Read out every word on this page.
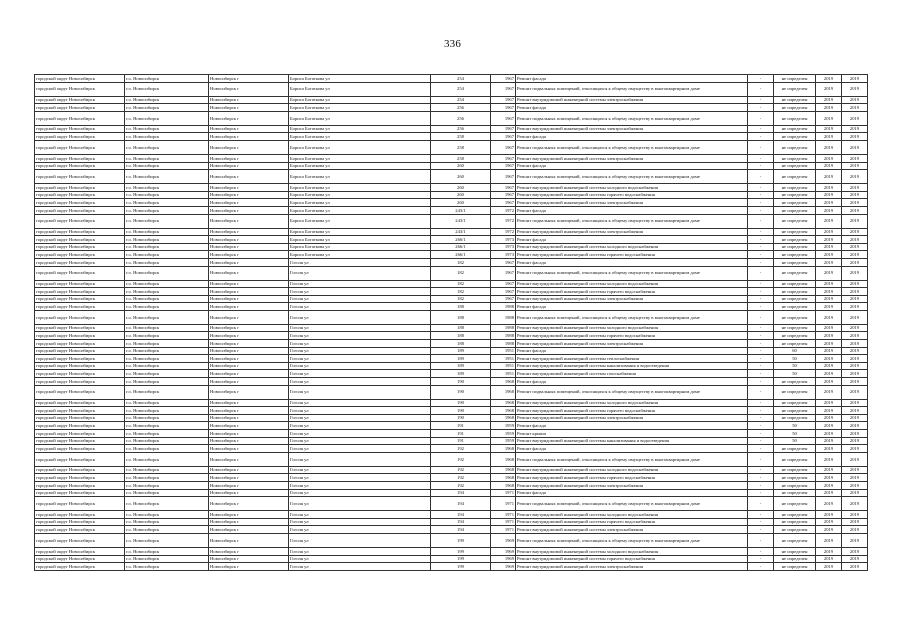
336
городской округ Новосибирск	г.о. Новосибирск	Новосибирск г	Бориса Богаткова ул	254	1967	Ремонт фасада	-	не определен	2019	2019
городской округ Новосибирск	г.о. Новосибирск	Новосибирск г	Бориса Богаткова ул	254	1967	Ремонт подвальных помещений, относящихся к общему имуществу в многоквартирном доме	-	не определен	2019	2019
городской округ Новосибирск	г.о. Новосибирск	Новосибирск г	Бориса Богаткова ул	254	1967	Ремонт внутридомовой инженерной системы электроснабжения	-	не определен	2019	2019
городской округ Новосибирск	г.о. Новосибирск	Новосибирск г	Бориса Богаткова ул	256	1967	Ремонт фасада	-	не определен	2019	2019
городской округ Новосибирск	г.о. Новосибирск	Новосибирск г	Бориса Богаткова ул	256	1967	Ремонт подвальных помещений, относящихся к общему имуществу в многоквартирном доме	-	не определен	2019	2019
городской округ Новосибирск	г.о. Новосибирск	Новосибирск г	Бориса Богаткова ул	256	1967	Ремонт внутридомовой инженерной системы электроснабжения	-	не определен	2019	2019
городской округ Новосибирск	г.о. Новосибирск	Новосибирск г	Бориса Богаткова ул	258	1967	Ремонт фасада	-	не определен	2019	2019
городской округ Новосибирск	г.о. Новосибирск	Новосибирск г	Бориса Богаткова ул	258	1967	Ремонт подвальных помещений, относящихся к общему имуществу в многоквартирном доме	-	не определен	2019	2019
городской округ Новосибирск	г.о. Новосибирск	Новосибирск г	Бориса Богаткова ул	258	1967	Ремонт внутридомовой инженерной системы электроснабжения	-	не определен	2019	2019
городской округ Новосибирск	г.о. Новосибирск	Новосибирск г	Бориса Богаткова ул	260	1967	Ремонт фасада	-	не определен	2019	2019
городской округ Новосибирск	г.о. Новосибирск	Новосибирск г	Бориса Богаткова ул	260	1967	Ремонт подвальных помещений, относящихся к общему имуществу в многоквартирном доме	-	не определен	2019	2019
городской округ Новосибирск	г.о. Новосибирск	Новосибирск г	Бориса Богаткова ул	260	1967	Ремонт внутридомовой инженерной системы холодного водоснабжения	-	не определен	2019	2019
городской округ Новосибирск	г.о. Новосибирск	Новосибирск г	Бориса Богаткова ул	260	1967	Ремонт внутридомовой инженерной системы горячего водоснабжения	-	не определен	2019	2019
городской округ Новосибирск	г.о. Новосибирск	Новосибирск г	Бориса Богаткова ул	260	1967	Ремонт внутридомовой инженерной системы электроснабжения	-	не определен	2019	2019
городской округ Новосибирск	г.о. Новосибирск	Новосибирск г	Бориса Богаткова ул	243/1	1972	Ремонт фасада	-	не определен	2019	2019
городской округ Новосибирск	г.о. Новосибирск	Новосибирск г	Бориса Богаткова ул	243/1	1972	Ремонт подвальных помещений, относящихся к общему имуществу в многоквартирном доме	-	не определен	2019	2019
городской округ Новосибирск	г.о. Новосибирск	Новосибирск г	Бориса Богаткова ул	243/1	1972	Ремонт внутридомовой инженерной системы электроснабжения	-	не определен	2019	2019
городской округ Новосибирск	г.о. Новосибирск	Новосибирск г	Бориса Богаткова ул	266/1	1973	Ремонт фасада	-	не определен	2019	2019
городской округ Новосибирск	г.о. Новосибирск	Новосибирск г	Бориса Богаткова ул	266/1	1973	Ремонт внутридомовой инженерной системы холодного водоснабжения	-	не определен	2019	2019
городской округ Новосибирск	г.о. Новосибирск	Новосибирск г	Бориса Богаткова ул	266/1	1973	Ремонт внутридомовой инженерной системы горячего водоснабжения	-	не определен	2019	2019
городской округ Новосибирск	г.о. Новосибирск	Новосибирск г	Гоголя ул	182	1967	Ремонт фасада	-	не определен	2019	2019
городской округ Новосибирск	г.о. Новосибирск	Новосибирск г	Гоголя ул	182	1967	Ремонт подвальных помещений, относящихся к общему имуществу в многоквартирном доме	-	не определен	2019	2019
городской округ Новосибирск	г.о. Новосибирск	Новосибирск г	Гоголя ул	182	1967	Ремонт внутридомовой инженерной системы холодного водоснабжения	-	не определен	2019	2019
городской округ Новосибирск	г.о. Новосибирск	Новосибирск г	Гоголя ул	182	1967	Ремонт внутридомовой инженерной системы горячего водоснабжения	-	не определен	2019	2019
городской округ Новосибирск	г.о. Новосибирск	Новосибирск г	Гоголя ул	182	1967	Ремонт внутридомовой инженерной системы электроснабжения	-	не определен	2019	2019
городской округ Новосибирск	г.о. Новосибирск	Новосибирск г	Гоголя ул	188	1988	Ремонт фасада	-	не определен	2019	2019
городской округ Новосибирск	г.о. Новосибирск	Новосибирск г	Гоголя ул	188	1988	Ремонт подвальных помещений, относящихся к общему имуществу в многоквартирном доме	-	не определен	2019	2019
городской округ Новосибирск	г.о. Новосибирск	Новосибирск г	Гоголя ул	188	1988	Ремонт внутридомовой инженерной системы холодного водоснабжения	-	не определен	2019	2019
городской округ Новосибирск	г.о. Новосибирск	Новосибирск г	Гоголя ул	188	1988	Ремонт внутридомовой инженерной системы горячего водоснабжения	-	не определен	2019	2019
городской округ Новосибирск	г.о. Новосибирск	Новосибирск г	Гоголя ул	188	1988	Ремонт внутридомовой инженерной системы электроснабжения	-	не определен	2019	2019
городской округ Новосибирск	г.о. Новосибирск	Новосибирск г	Гоголя ул	189	1951	Ремонт фасада	-	60	2019	2019
городской округ Новосибирск	г.о. Новосибирск	Новосибирск г	Гоголя ул	189	1951	Ремонт внутридомовой инженерной системы теплоснабжения	-	50	2019	2019
городской округ Новосибирск	г.о. Новосибирск	Новосибирск г	Гоголя ул	189	1951	Ремонт внутридомовой инженерной системы канализования и водоотведения	-	50	2019	2019
городской округ Новосибирск	г.о. Новосибирск	Новосибирск г	Гоголя ул	189	1951	Ремонт внутридомовой инженерной системы газоснабжения	-	50	2019	2019
городской округ Новосибирск	г.о. Новосибирск	Новосибирск г	Гоголя ул	190	1968	Ремонт фасада	-	не определен	2019	2019
городской округ Новосибирск	г.о. Новосибирск	Новосибирск г	Гоголя ул	190	1968	Ремонт подвальных помещений, относящихся к общему имуществу в многоквартирном доме	-	не определен	2019	2019
городской округ Новосибирск	г.о. Новосибирск	Новосибирск г	Гоголя ул	190	1968	Ремонт внутридомовой инженерной системы холодного водоснабжения	-	не определен	2019	2019
городской округ Новосибирск	г.о. Новосибирск	Новосибирск г	Гоголя ул	190	1968	Ремонт внутридомовой инженерной системы горячего водоснабжения	-	не определен	2019	2019
городской округ Новосибирск	г.о. Новосибирск	Новосибирск г	Гоголя ул	190	1968	Ремонт внутридомовой инженерной системы электроснабжения	-	не определен	2019	2019
городской округ Новосибирск	г.о. Новосибирск	Новосибирск г	Гоголя ул	191	1959	Ремонт фасада	-	50	2019	2019
городской округ Новосибирск	г.о. Новосибирск	Новосибирск г	Гоголя ул	191	1959	Ремонт крыши	-	50	2019	2019
городской округ Новосибирск	г.о. Новосибирск	Новосибирск г	Гоголя ул	191	1959	Ремонт внутридомовой инженерной системы канализования и водоотведения	-	50	2019	2019
городской округ Новосибирск	г.о. Новосибирск	Новосибирск г	Гоголя ул	192	1968	Ремонт фасада	-	не определен	2019	2019
городской округ Новосибирск	г.о. Новосибирск	Новосибирск г	Гоголя ул	192	1968	Ремонт подвальных помещений, относящихся к общему имуществу в многоквартирном доме	-	не определен	2019	2019
городской округ Новосибирск	г.о. Новосибирск	Новосибирск г	Гоголя ул	192	1968	Ремонт внутридомовой инженерной системы холодного водоснабжения	-	не определен	2019	2019
городской округ Новосибирск	г.о. Новосибирск	Новосибирск г	Гоголя ул	192	1968	Ремонт внутридомовой инженерной системы горячего водоснабжения	-	не определен	2019	2019
городской округ Новосибирск	г.о. Новосибирск	Новосибирск г	Гоголя ул	192	1968	Ремонт внутридомовой инженерной системы электроснабжения	-	не определен	2019	2019
городской округ Новосибирск	г.о. Новосибирск	Новосибирск г	Гоголя ул	194	1971	Ремонт фасада	-	не определен	2019	2019
городской округ Новосибирск	г.о. Новосибирск	Новосибирск г	Гоголя ул	194	1971	Ремонт подвальных помещений, относящихся к общему имуществу в многоквартирном доме	-	не определен	2019	2019
городской округ Новосибирск	г.о. Новосибирск	Новосибирск г	Гоголя ул	194	1971	Ремонт внутридомовой инженерной системы холодного водоснабжения	-	не определен	2019	2019
городской округ Новосибирск	г.о. Новосибирск	Новосибирск г	Гоголя ул	194	1971	Ремонт внутридомовой инженерной системы горячего водоснабжения	-	не определен	2019	2019
городской округ Новосибирск	г.о. Новосибирск	Новосибирск г	Гоголя ул	194	1971	Ремонт внутридомовой инженерной системы электроснабжения	-	не определен	2019	2019
городской округ Новосибирск	г.о. Новосибирск	Новосибирск г	Гоголя ул	199	1969	Ремонт подвальных помещений, относящихся к общему имуществу в многоквартирном доме	-	не определен	2019	2019
городской округ Новосибирск	г.о. Новосибирск	Новосибирск г	Гоголя ул	199	1969	Ремонт внутридомовой инженерной системы холодного водоснабжения	-	не определен	2019	2019
городской округ Новосибирск	г.о. Новосибирск	Новосибирск г	Гоголя ул	199	1969	Ремонт внутридомовой инженерной системы горячего водоснабжения	-	не определен	2019	2019
городской округ Новосибирск	г.о. Новосибирск	Новосибирск г	Гоголя ул	199	1969	Ремонт внутридомовой инженерной системы электроснабжения	-	не определен	2019	2019
